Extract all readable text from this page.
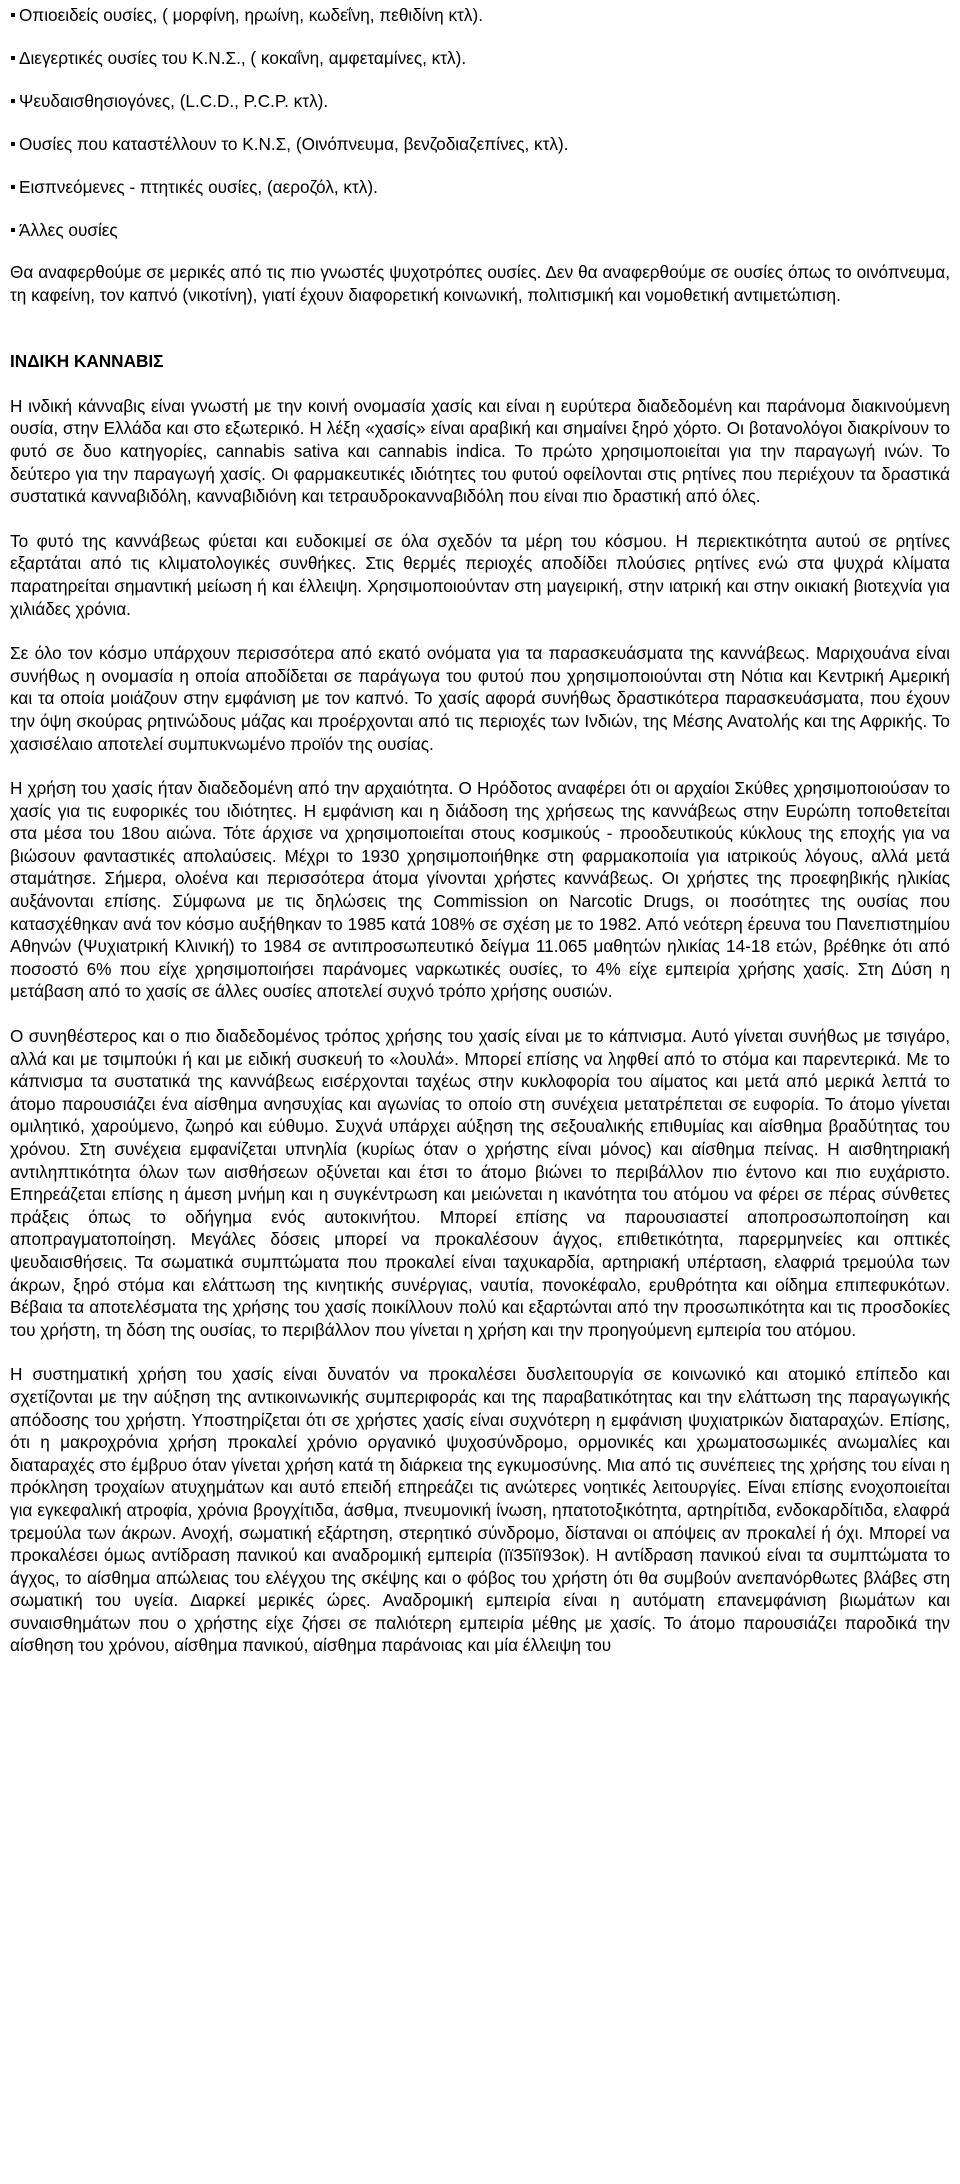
Οπιοειδείς ουσίες, ( μορφίνη, ηρωίνη, κωδεΐνη, πεθιδίνη κτλ).
Διεγερτικές ουσίες του Κ.Ν.Σ., ( κοκαΐνη, αμφεταμίνες, κτλ).
Ψευδαισθησιογόνες, (L.C.D., P.C.P. κτλ).
Ουσίες που καταστέλλουν το Κ.Ν.Σ, (Οινόπνευμα, βενζοδιαζεπίνες, κτλ).
Εισπνεόμενες - πτητικές ουσίες, (αεροζόλ, κτλ).
Άλλες ουσίες

Θα αναφερθούμε σε μερικές από τις πιο γνωστές ψυχοτρόπες ουσίες. Δεν θα αναφερθούμε σε ουσίες όπως το οινόπνευμα, τη καφείνη, τον καπνό (νικοτίνη), γιατί έχουν διαφορετική κοινωνική, πολιτισμική και νομοθετική αντιμετώπιση.

ΙΝΔΙΚΗ ΚΑΝΝΑΒΙΣ

Η ινδική κάνναβις είναι γνωστή με την κοινή ονομασία χασίς και είναι η ευρύτερα διαδεδομένη και παράνομα διακινούμενη ουσία, στην Ελλάδα και στο εξωτερικό. Η λέξη «χασίς» είναι αραβική και σημαίνει ξηρό χόρτο. Οι βοτανολόγοι διακρίνουν το φυτό σε δυο κατηγορίες, cannabis sativa και cannabis indica. Το πρώτο χρησιμοποιείται για την παραγωγή ινών. Το δεύτερο για την παραγωγή χασίς. Οι φαρμακευτικές ιδιότητες του φυτού οφείλονται στις ρητίνες που περιέχουν τα δραστικά συστατικά κανναβιδόλη, κανναβιδιόνη και τετραυδροκανναβιδόλη που είναι πιο δραστική από όλες.

Το φυτό της καννάβεως φύεται και ευδοκιμεί σε όλα σχεδόν τα μέρη του κόσμου. Η περιεκτικότητα αυτού σε ρητίνες εξαρτάται από τις κλιματολογικές συνθήκες. Στις θερμές περιοχές αποδίδει πλούσιες ρητίνες ενώ στα ψυχρά κλίματα παρατηρείται σημαντική μείωση ή και έλλειψη. Χρησιμοποιούνταν στη μαγειρική, στην ιατρική και στην οικιακή βιοτεχνία για χιλιάδες χρόνια.

Σε όλο τον κόσμο υπάρχουν περισσότερα από εκατό ονόματα για τα παρασκευάσματα της καννάβεως. Μαριχουάνα είναι συνήθως η ονομασία η οποία αποδίδεται σε παράγωγα του φυτού που χρησιμοποιούνται στη Νότια και Κεντρική Αμερική και τα οποία μοιάζουν στην εμφάνιση με τον καπνό. Το χασίς αφορά συνήθως δραστικότερα παρασκευάσματα, που έχουν την όψη σκούρας ρητινώδους μάζας και προέρχονται από τις περιοχές των Ινδιών, της Μέσης Ανατολής και της Αφρικής. Το χασισέλαιο αποτελεί συμπυκνωμένο προϊόν της ουσίας.

Η χρήση του χασίς ήταν διαδεδομένη από την αρχαιότητα. Ο Ηρόδοτος αναφέρει ότι οι αρχαίοι Σκύθες χρησιμοποιούσαν το χασίς για τις ευφορικές του ιδιότητες. Η εμφάνιση και η διάδοση της χρήσεως της καννάβεως στην Ευρώπη τοποθετείται στα μέσα του 18ου αιώνα. Τότε άρχισε να χρησιμοποιείται στους κοσμικούς - προοδευτικούς κύκλους της εποχής για να βιώσουν φανταστικές απολαύσεις. Μέχρι το 1930 χρησιμοποιήθηκε στη φαρμακοποιία για ιατρικούς λόγους, αλλά μετά σταμάτησε. Σήμερα, ολοένα και περισσότερα άτομα γίνονται χρήστες καννάβεως. Οι χρήστες της προεφηβικής ηλικίας αυξάνονται επίσης. Σύμφωνα με τις δηλώσεις της Commission on Narcotic Drugs, οι ποσότητες της ουσίας που κατασχέθηκαν ανά τον κόσμο αυξήθηκαν το 1985 κατά 108% σε σχέση με το 1982. Από νεότερη έρευνα του Πανεπιστημίου Αθηνών (Ψυχιατρική Κλινική) το 1984 σε αντιπροσωπευτικό δείγμα 11.065 μαθητών ηλικίας 14-18 ετών, βρέθηκε ότι από ποσοστό 6% που είχε χρησιμοποιήσει παράνομες ναρκωτικές ουσίες, το 4% είχε εμπειρία χρήσης χασίς. Στη Δύση η μετάβαση από το χασίς σε άλλες ουσίες αποτελεί συχνό τρόπο χρήσης ουσιών.

Ο συνηθέστερος και ο πιο διαδεδομένος τρόπος χρήσης του χασίς είναι με το κάπνισμα. Αυτό γίνεται συνήθως με τσιγάρο, αλλά και με τσιμπούκι ή και με ειδική συσκευή το «λουλά». Μπορεί επίσης να ληφθεί από το στόμα και παρεντερικά. Με το κάπνισμα τα συστατικά της καννάβεως εισέρχονται ταχέως στην κυκλοφορία του αίματος και μετά από μερικά λεπτά το άτομο παρουσιάζει ένα αίσθημα ανησυχίας και αγωνίας το οποίο στη συνέχεια μετατρέπεται σε ευφορία. Το άτομο γίνεται ομιλητικό, χαρούμενο, ζωηρό και εύθυμο. Συχνά υπάρχει αύξηση της σεξουαλικής επιθυμίας και αίσθημα βραδύτητας του χρόνου. Στη συνέχεια εμφανίζεται υπνηλία (κυρίως όταν ο χρήστης είναι μόνος) και αίσθημα πείνας. Η αισθητηριακή αντιληπτικότητα όλων των αισθήσεων οξύνεται και έτσι το άτομο βιώνει το περιβάλλον πιο έντονο και πιο ευχάριστο. Επηρεάζεται επίσης η άμεση μνήμη και η συγκέντρωση και μειώνεται η ικανότητα του ατόμου να φέρει σε πέρας σύνθετες πράξεις όπως το οδήγημα ενός αυτοκινήτου. Μπορεί επίσης να παρουσιαστεί αποπροσωποποίηση και αποπραγματοποίηση. Μεγάλες δόσεις μπορεί να προκαλέσουν άγχος, επιθετικότητα, παρερμηνείες και οπτικές ψευδαισθήσεις. Τα σωματικά συμπτώματα που προκαλεί είναι ταχυκαρδία, αρτηριακή υπέρταση, ελαφριά τρεμούλα των άκρων, ξηρό στόμα και ελάττωση της κινητικής συνέργιας, ναυτία, πονοκέφαλο, ερυθρότητα και οίδημα επιπεφυκότων. Βέβαια τα αποτελέσματα της χρήσης του χασίς ποικίλλουν πολύ και εξαρτώνται από την προσωπικότητα και τις προσδοκίες του χρήστη, τη δόση της ουσίας, το περιβάλλον που γίνεται η χρήση και την προηγούμενη εμπειρία του ατόμου.

Η συστηματική χρήση του χασίς είναι δυνατόν να προκαλέσει δυσλειτουργία σε κοινωνικό και ατομικό επίπεδο και σχετίζονται με την αύξηση της αντικοινωνικής συμπεριφοράς και της παραβατικότητας και την ελάττωση της παραγωγικής απόδοσης του χρήστη. Υποστηρίζεται ότι σε χρήστες χασίς είναι συχνότερη η εμφάνιση ψυχιατρικών διαταραχών. Επίσης, ότι η μακροχρόνια χρήση προκαλεί χρόνιο οργανικό ψυχοσύνδρομο, ορμονικές και χρωματοσωμικές ανωμαλίες και διαταραχές στο έμβρυο όταν γίνεται χρήση κατά τη διάρκεια της εγκυμοσύνης. Μια από τις συνέπειες της χρήσης του είναι η πρόκληση τροχαίων ατυχημάτων και αυτό επειδή επηρεάζει τις ανώτερες νοητικές λειτουργίες. Είναι επίσης ενοχοποιείται για εγκεφαλική ατροφία, χρόνια βρογχίτιδα, άσθμα, πνευμονική ίνωση, ηπατοτοξικότητα, αρτηρίτιδα, ενδοκαρδίτιδα, ελαφρά τρεμούλα των άκρων. Ανοχή, σωματική εξάρτηση, στερητικό σύνδρομο, δίσταναι οι απόψεις αν προκαλεί ή όχι. Μπορεί να προκαλέσει όμως αντίδραση πανικού και αναδρομική εμπειρία (ïï35ïï93οκ). Η αντίδραση πανικού είναι τα συμπτώματα το άγχος, το αίσθημα απώλειας του ελέγχου της σκέψης και ο φόβος του χρήστη ότι θα συμβούν ανεπανόρθωτες βλάβες στη σωματική του υγεία. Διαρκεί μερικές ώρες. Αναδρομική εμπειρία είναι η αυτόματη επανεμφάνιση βιωμάτων και συναισθημάτων που ο χρήστης είχε ζήσει σε παλιότερη εμπειρία μέθης με χασίς. Το άτομο παρουσιάζει παροδικά την αίσθηση του χρόνου, αίσθημα πανικού, αίσθημα παράνοιας και μία έλλειψη του
